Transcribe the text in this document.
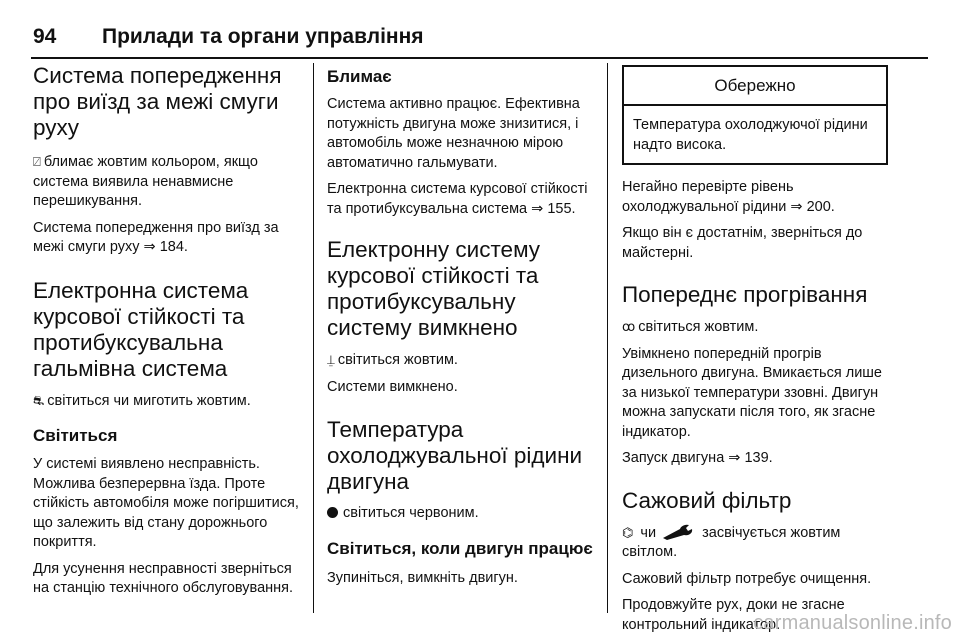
94 Прилади та органи управління
Система попередження про виїзд за межі смуги руху

⍁ блимає жовтим кольором, якщо система виявила ненавмисне перешикування.

Система попередження про виїзд за межі смуги руху ⇒ 184.

Електронна система курсової стійкості та протибуксувальна гальмівна система

⛐ світиться чи миготить жовтим.

Світиться

У системі виявлено несправність. Можлива безперервна їзда. Проте стійкість автомобіля може погіршитися, що залежить від стану дорожнього покриття.

Для усунення несправності зверніться на станцію технічного обслуговування.

Блимає

Система активно працює. Ефективна потужність двигуна може знизитися, і автомобіль може незначною мірою автоматично гальмувати.

Електронна система курсової стійкості та протибуксувальна система ⇒ 155.

Електронну систему курсової стійкості та протибуксувальну систему вимкнено

⍊ світиться жовтим.

Системи вимкнено.

Температура охолоджувальної рідини двигуна

світиться червоним.

Світиться, коли двигун працює

Зупиніться, вимкніть двигун.

Обережно

Температура охолоджуючої рідини надто висока.

Негайно перевірте рівень охолоджувальної рідини ⇒ 200.

Якщо він є достатнім, зверніться до майстерні.

Попереднє прогрівання

ꝏ світиться жовтим.

Увімкнено попередній прогрів дизельного двигуна. Вмикається лише за низької температури ззовні. Двигун можна запускати після того, як згасне індикатор.

Запуск двигуна ⇒ 139.

Сажовий фільтр

⌬ чи	засвічується жовтим світлом.

Сажовий фільтр потребує очищення.

Продовжуйте рух, доки не згасне контрольний індикатор.

carmanualsonline.info
